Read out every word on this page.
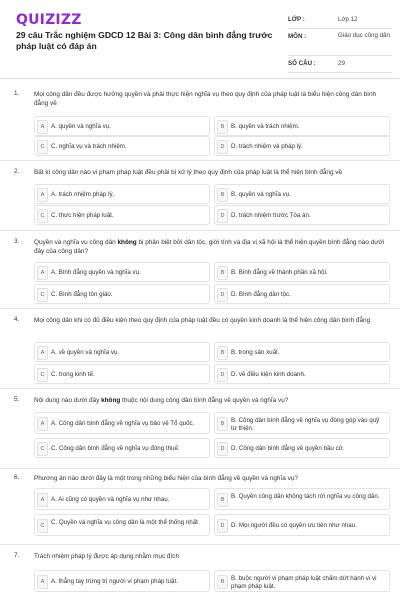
QUIZIZZ
29 câu Trắc nghiệm GDCD 12 Bài 3: Công dân bình đẳng trước pháp luật có đáp án
LỚP :	Lớp 12
MÔN :	Giáo dục công dân
SỐ CÂU :	29
1. Mọi công dân đều được hưởng quyền và phải thực hiện nghĩa vụ theo quy định của pháp luật là biểu hiện công dân bình đẳng về
A	A. quyền và nghĩa vụ.	B	B. quyền và trách nhiệm.
C	C. nghĩa vụ và trách nhiệm.	D	D. trách nhiệm và pháp lý.
2. Bất kì công dân nào vi phạm pháp luật đều phải bị xử lý theo quy định của pháp luật là thể hiện bình đẳng về
A	A. trách nhiệm pháp lý.	B	B. quyền và nghĩa vụ.
C	C. thực hiện pháp luật.	D	D. trách nhiệm trước Tòa án.
3. Quyền và nghĩa vụ công dân không bị phân biệt bởi dân tộc, giới tính và địa vị xã hội là thể hiện quyền bình đẳng nào dưới đây của công dân?
A	A. Bình đẳng quyền và nghĩa vụ.	B	B. Bình đẳng về thành phần xã hội.
C	C. Bình đẳng tôn giáo.	D	D. Bình đẳng dân tộc.
4. Mọi công dân khi có đủ điều kiện theo quy định của pháp luật đều có quyền kinh doanh là thể hiện công dân bình đẳng
A	A. về quyền và nghĩa vụ.	B	B. trong sản xuất.
C	C. trong kinh tế.	D	D. về điều kiện kinh doanh.
5. Nội dung nào dưới đây không thuộc nội dung công dân bình đẳng về quyền và nghĩa vụ?
A	A. Công dân bình đẳng về nghĩa vụ bảo vệ Tổ quốc.	B	B. Công dân bình đẳng về nghĩa vụ đóng góp vào quỹ từ thiện.
C	C. Công dân bình đẳng về nghĩa vụ đóng thuế.	D	D. Công dân bình đẳng về quyền bầu cử.
6. Phương án nào dưới đây là một trong những biểu hiện của bình đẳng về quyền và nghĩa vụ?
A	A. Ai cũng có quyền và nghĩa vụ như nhau.	B	B. Quyền công dân không tách rời nghĩa vụ công dân.
C	C. Quyền và nghĩa vụ công dân là một thể thống nhất.	D	D. Mọi người đều có quyền ưu tiên như nhau.
7. Trách nhiệm pháp lý được áp dụng nhằm mục đích
A	A. thẳng tay trừng trị người vi phạm pháp luật.	B	B. buộc người vi phạm pháp luật chấm dứt hành vi vi phạm pháp luật.
